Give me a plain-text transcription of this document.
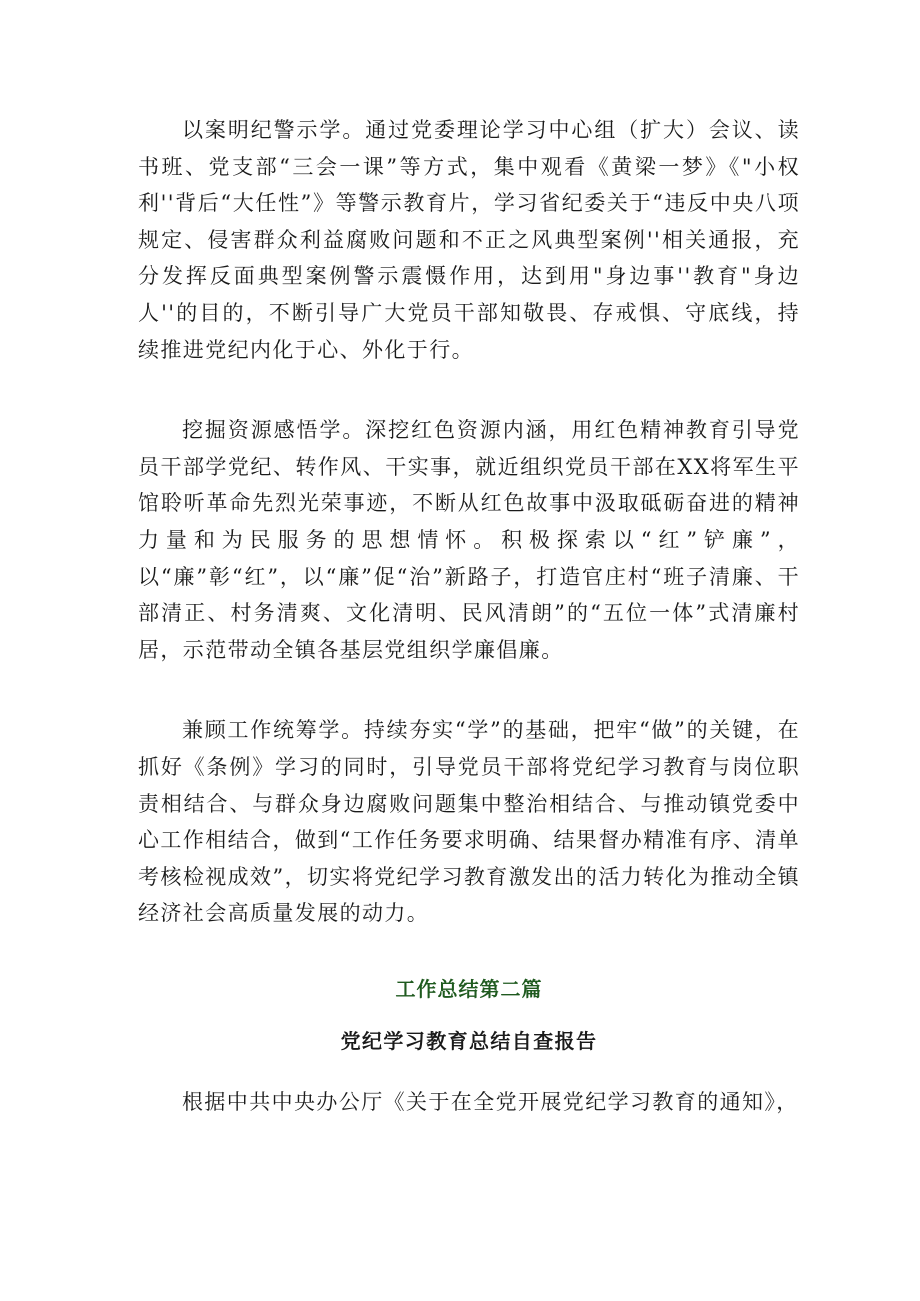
以案明纪警示学。通过党委理论学习中心组（扩大）会议、读书班、党支部“三会一课”等方式，集中观看《黄梁一梦》《"小权利''背后“大任性”》等警示教育片，学习省纪委关于“违反中央八项规定、侵害群众利益腐败问题和不正之风典型案例''相关通报，充分发挥反面典型案例警示震慑作用，达到用"身边事''教育"身边人''的目的，不断引导广大党员干部知敬畏、存戒惧、守底线，持续推进党纪内化于心、外化于行。

挖掘资源感悟学。深挖红色资源内涵，用红色精神教育引导党员干部学党纪、转作风、干实事，就近组织党员干部在XX将军生平馆聆听革命先烈光荣事迹，不断从红色故事中汲取砥砺奋进的精神力量和为民服务的思想情怀。积极探索以“红”铲廉”，以“廉”彰“红”，以“廉”促“治”新路子，打造官庄村“班子清廉、干部清正、村务清爽、文化清明、民风清朗”的“五位一体”式清廉村居，示范带动全镇各基层党组织学廉倡廉。

兼顾工作统筹学。持续夯实“学”的基础，把牢“做”的关键，在抓好《条例》学习的同时，引导党员干部将党纪学习教育与岗位职责相结合、与群众身边腐败问题集中整治相结合、与推动镇党委中心工作相结合，做到“工作任务要求明确、结果督办精准有序、清单考核检视成效”，切实将党纪学习教育激发出的活力转化为推动全镇经济社会高质量发展的动力。

工作总结第二篇
党纪学习教育总结自查报告

根据中共中央办公厅《关于在全党开展党纪学习教育的通知》，
